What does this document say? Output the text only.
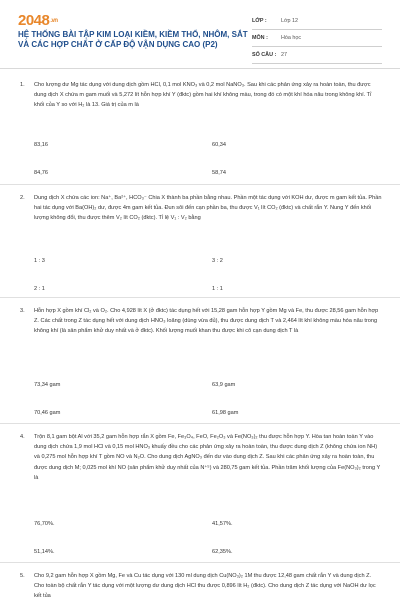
2048.vn
HỆ THỐNG BÀI TẬP KIM LOẠI KIỀM, KIỀM THỔ, NHÔM, SẮT VÀ CÁC HỢP CHẤT Ở CẤP ĐỘ VẬN DỤNG CAO (P2)
LỚP :	Lớp 12
MÔN :	Hóa học
SỐ CÂU : 27
1.	Cho lượng dư Mg tác dụng với dung dịch gồm HCl, 0,1 mol KNO₃ và 0,2 mol NaNO₃. Sau khi các phản ứng xảy ra hoàn toàn, thu được dung dịch X chứa m gam muối và 5,272 lít hỗn hợp khí Y (đktc) gồm hai khí không màu, trong đó có một khí hóa nâu trong không khí. Tỉ khối của Y so với H₂ là 13. Giá trị của m là
83,16	60,34
84,76	58,74
2.	Dung dịch X chứa các ion: Na⁺, Ba²⁺, HCO₃⁻ Chia X thành ba phần bằng nhau. Phần một tác dụng với KOH dư, được m gam kết tủa. Phần hai tác dụng với Ba(OH)₂ dư, được 4m gam kết tủa. Đun sôi đến cạn phần ba, thu được V₁ lít CO₂ (đktc) và chất rắn Y. Nung Y đến khối lượng không đổi, thu được thêm V₂ lít CO₂ (đktc). Tỉ lệ V₁ : V₂ bằng
1 : 3	3 : 2
2 : 1	1 : 1
3.	Hỗn hợp X gồm khí Cl₂ và O₂. Cho 4,928 lít X (ở đktc) tác dụng hết với 15,28 gam hỗn hợp Y gồm Mg và Fe, thu được 28,56 gam hỗn hợp Z. Các chất trong Z tác dụng hết với dung dịch HNO₃ loãng (dùng vừa đủ), thu được dung dịch T và 2,464 lít khí không màu hóa nâu trong không khí (là sản phẩm khử duy nhất và ở đktc). Khối lượng muối khan thu được khi cô cạn dung dịch T là
73,34 gam	63,9 gam
70,46 gam	61,98 gam
4.	Trộn 8,1 gam bột Al với 35,2 gam hỗn hợp rắn X gồm Fe, Fe₃O₄, FeO, Fe₂O₃ và Fe(NO₃)₂ thu được hỗn hợp Y. Hòa tan hoàn toàn Y vào dung dịch chứa 1,9 mol HCl và 0,15 mol HNO₃ khuấy đều cho các phản ứng xảy ra hoàn toàn, thu được dung dịch Z (không chứa ion NH) và 0,275 mol hỗn hợp khí T gồm NO và N₂O. Cho dung dịch AgNO₃ đến dư vào dung dịch Z. Sau khi các phản ứng xảy ra hoàn toàn, thu được dung dịch M; 0,025 mol khí NO (sản phẩm khử duy nhất của N⁺⁵) và 280,75 gam kết tủa. Phần trăm khối lượng của Fe(NO₃)₂ trong Y là
76,70%.	41,57%.
51,14%.	62,35%.
5.	Cho 9,2 gam hỗn hợp X gồm Mg, Fe và Cu tác dụng với 130 ml dung dịch Cu(NO₃)₂ 1M thu được 12,48 gam chất rắn Y và dung dịch Z. Cho toàn bộ chất rắn Y tác dụng với một lượng dư dung dịch HCl thu được 0,896 lít H₂ (đktc). Cho dung dịch Z tác dụng với NaOH dư lọc kết tủa
